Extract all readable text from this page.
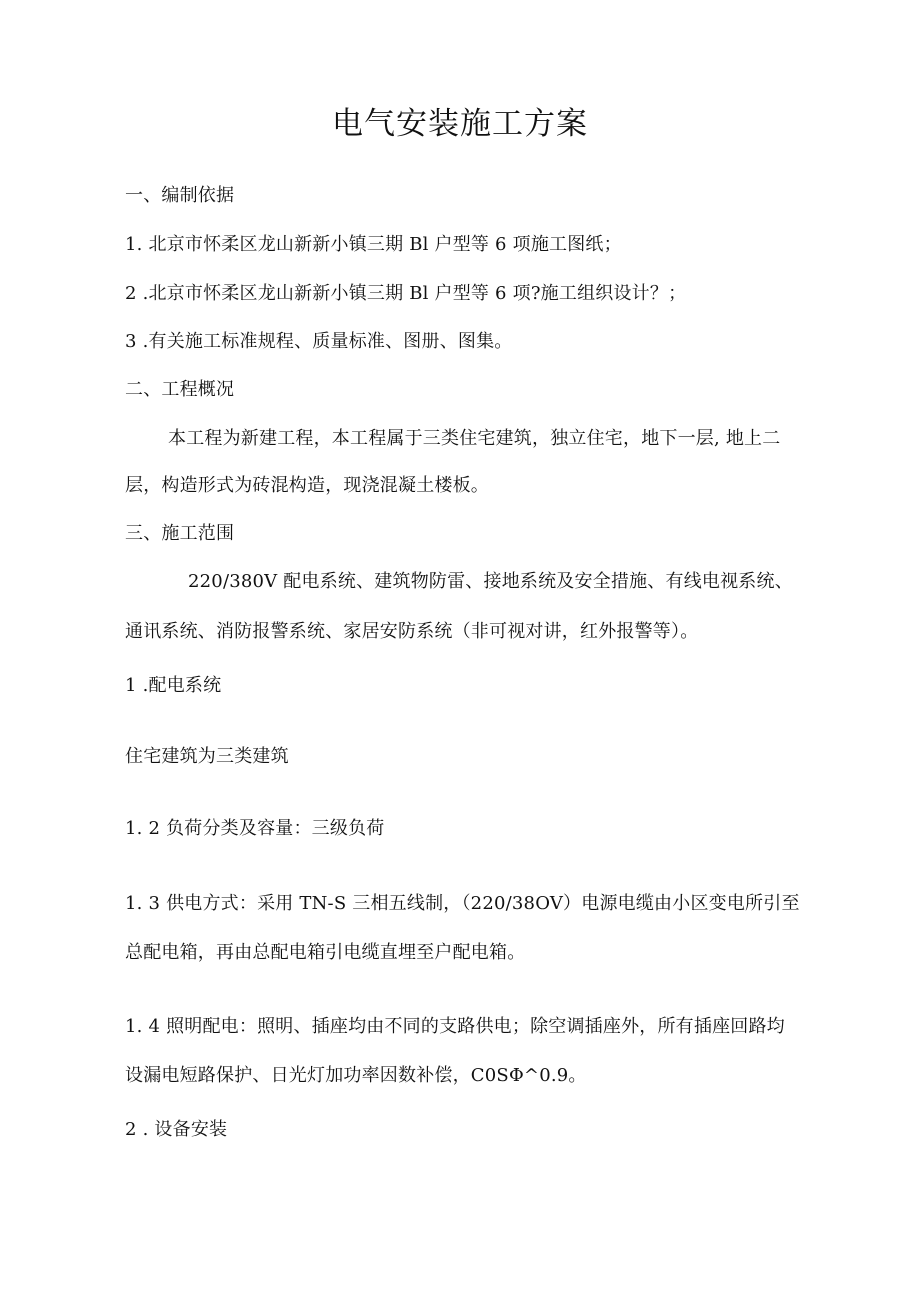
电气安装施工方案
一、编制依据
1. 北京市怀柔区龙山新新小镇三期 Bl 户型等 6 项施工图纸；
2 .北京市怀柔区龙山新新小镇三期 Bl 户型等 6 项?施工组织设计？；
3 .有关施工标准规程、质量标准、图册、图集。
二、工程概况
本工程为新建工程，本工程属于三类住宅建筑，独立住宅，地下一层, 地上二
层，构造形式为砖混构造，现浇混凝土楼板。
三、施工范围
220/380V 配电系统、建筑物防雷、接地系统及安全措施、有线电视系统、
通讯系统、消防报警系统、家居安防系统（非可视对讲，红外报警等）。
1 .配电系统
住宅建筑为三类建筑
1. 2 负荷分类及容量：三级负荷
1. 3 供电方式：采用 TN-S 三相五线制，（220/38OV）电源电缆由小区变电所引至
总配电箱，再由总配电箱引电缆直埋至户配电箱。
1. 4 照明配电：照明、插座均由不同的支路供电；除空调插座外，所有插座回路均
设漏电短路保护、日光灯加功率因数补偿，C0SΦ^0.9。
2 . 设备安装
